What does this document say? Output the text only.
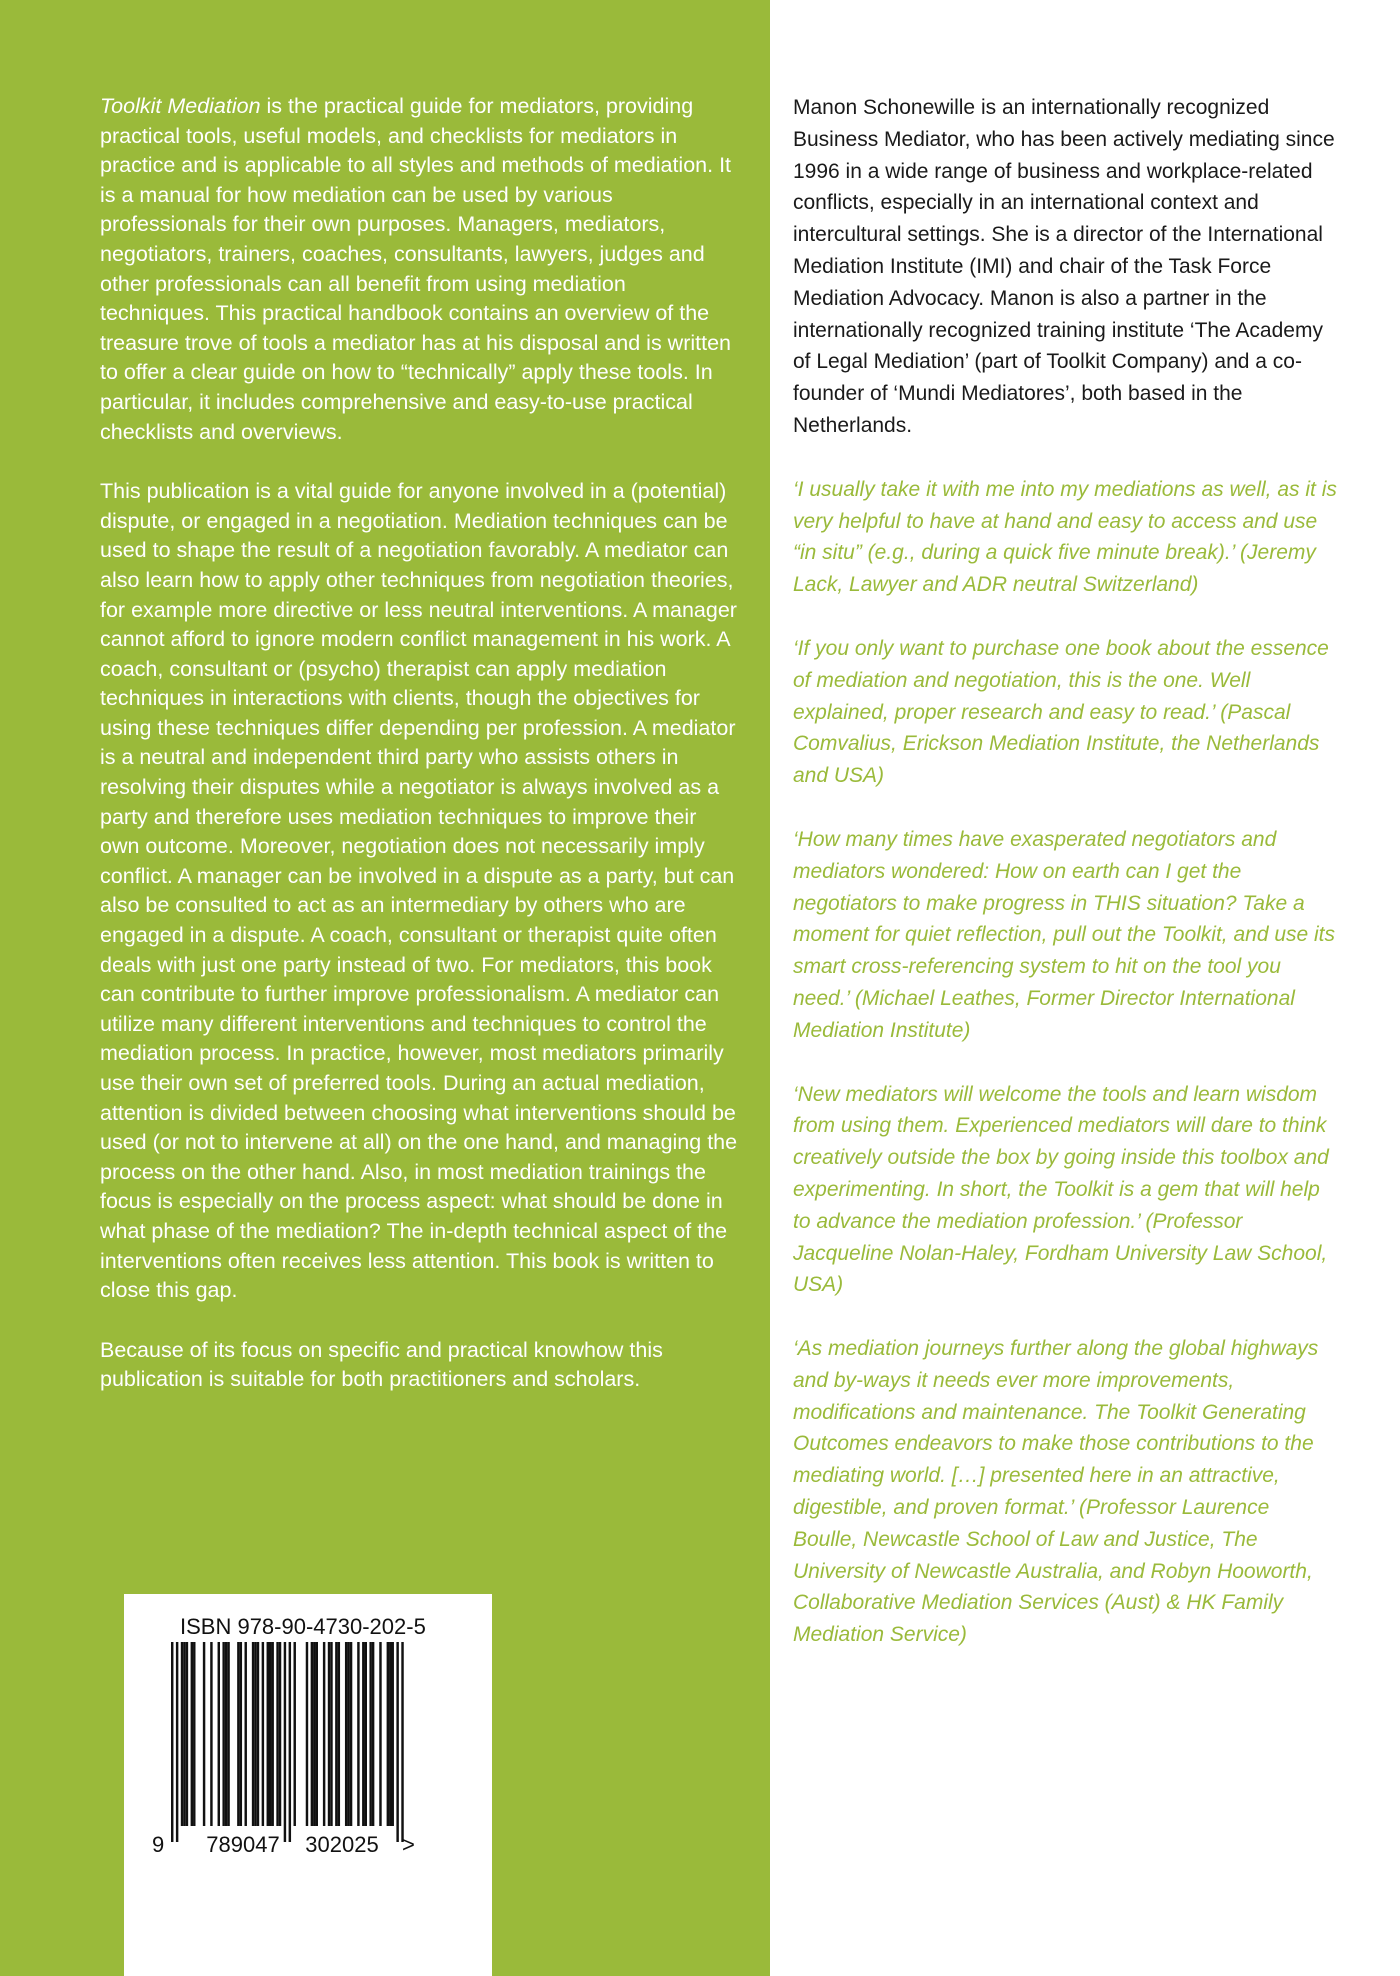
Toolkit Mediation is the practical guide for mediators, providing practical tools, useful models, and checklists for mediators in practice and is applicable to all styles and methods of mediation. It is a manual for how mediation can be used by various professionals for their own purposes. Managers, mediators, negotiators, trainers, coaches, consultants, lawyers, judges and other professionals can all benefit from using mediation techniques. This practical handbook contains an overview of the treasure trove of tools a mediator has at his disposal and is written to offer a clear guide on how to “technically” apply these tools. In particular, it includes comprehensive and easy-to-use practical checklists and overviews.

This publication is a vital guide for anyone involved in a (potential) dispute, or engaged in a negotiation. Mediation techniques can be used to shape the result of a negotiation favorably. A mediator can also learn how to apply other techniques from negotiation theories, for example more directive or less neutral interventions. A manager cannot afford to ignore modern conflict management in his work. A coach, consultant or (psycho) therapist can apply mediation techniques in interactions with clients, though the objectives for using these techniques differ depending per profession. A mediator is a neutral and independent third party who assists others in resolving their disputes while a negotiator is always involved as a party and therefore uses mediation techniques to improve their own outcome. Moreover, negotiation does not necessarily imply conflict. A manager can be involved in a dispute as a party, but can also be consulted to act as an intermediary by others who are engaged in a dispute. A coach, consultant or therapist quite often deals with just one party instead of two. For mediators, this book can contribute to further improve professionalism. A mediator can utilize many different interventions and techniques to control the mediation process. In practice, however, most mediators primarily use their own set of preferred tools. During an actual mediation, attention is divided between choosing what interventions should be used (or not to intervene at all) on the one hand, and managing the process on the other hand. Also, in most mediation trainings the focus is especially on the process aspect: what should be done in what phase of the mediation? The in-depth technical aspect of the interventions often receives less attention. This book is written to close this gap.

Because of its focus on specific and practical knowhow this publication is suitable for both practitioners and scholars.

Manon Schonewille is an internationally recognized Business Mediator, who has been actively mediating since 1996 in a wide range of business and workplace-related conflicts, especially in an international context and intercultural settings. She is a director of the International Mediation Institute (IMI) and chair of the Task Force Mediation Advocacy. Manon is also a partner in the internationally recognized training institute ‘The Academy of Legal Mediation’ (part of Toolkit Company) and a co-founder of ‘Mundi Mediatores’, both based in the Netherlands.

‘I usually take it with me into my mediations as well, as it is very helpful to have at hand and easy to access and use “in situ” (e.g., during a quick five minute break).’ (Jeremy Lack, Lawyer and ADR neutral Switzerland)

‘If you only want to purchase one book about the essence of mediation and negotiation, this is the one. Well explained, proper research and easy to read.’ (Pascal Comvalius, Erickson Mediation Institute, the Netherlands and USA)

‘How many times have exasperated negotiators and mediators wondered: How on earth can I get the negotiators to make progress in THIS situation? Take a moment for quiet reflection, pull out the Toolkit, and use its smart cross-referencing system to hit on the tool you need.’ (Michael Leathes, Former Director International Mediation Institute)

‘New mediators will welcome the tools and learn wisdom from using them. Experienced mediators will dare to think creatively outside the box by going inside this toolbox and experimenting. In short, the Toolkit is a gem that will help to advance the mediation profession.’ (Professor Jacqueline Nolan-Haley, Fordham University Law School, USA)

‘As mediation journeys further along the global highways and by-ways it needs ever more improvements, modifications and maintenance. The Toolkit Generating Outcomes endeavors to make those contributions to the mediating world. […] presented here in an attractive, digestible, and proven format.’ (Professor Laurence Boulle, Newcastle School of Law and Justice, The University of Newcastle Australia, and Robyn Hooworth, Collaborative Mediation Services (Aust) & HK Family Mediation Service)

ISBN 978-90-4730-202-5
9 789047 302025 >
